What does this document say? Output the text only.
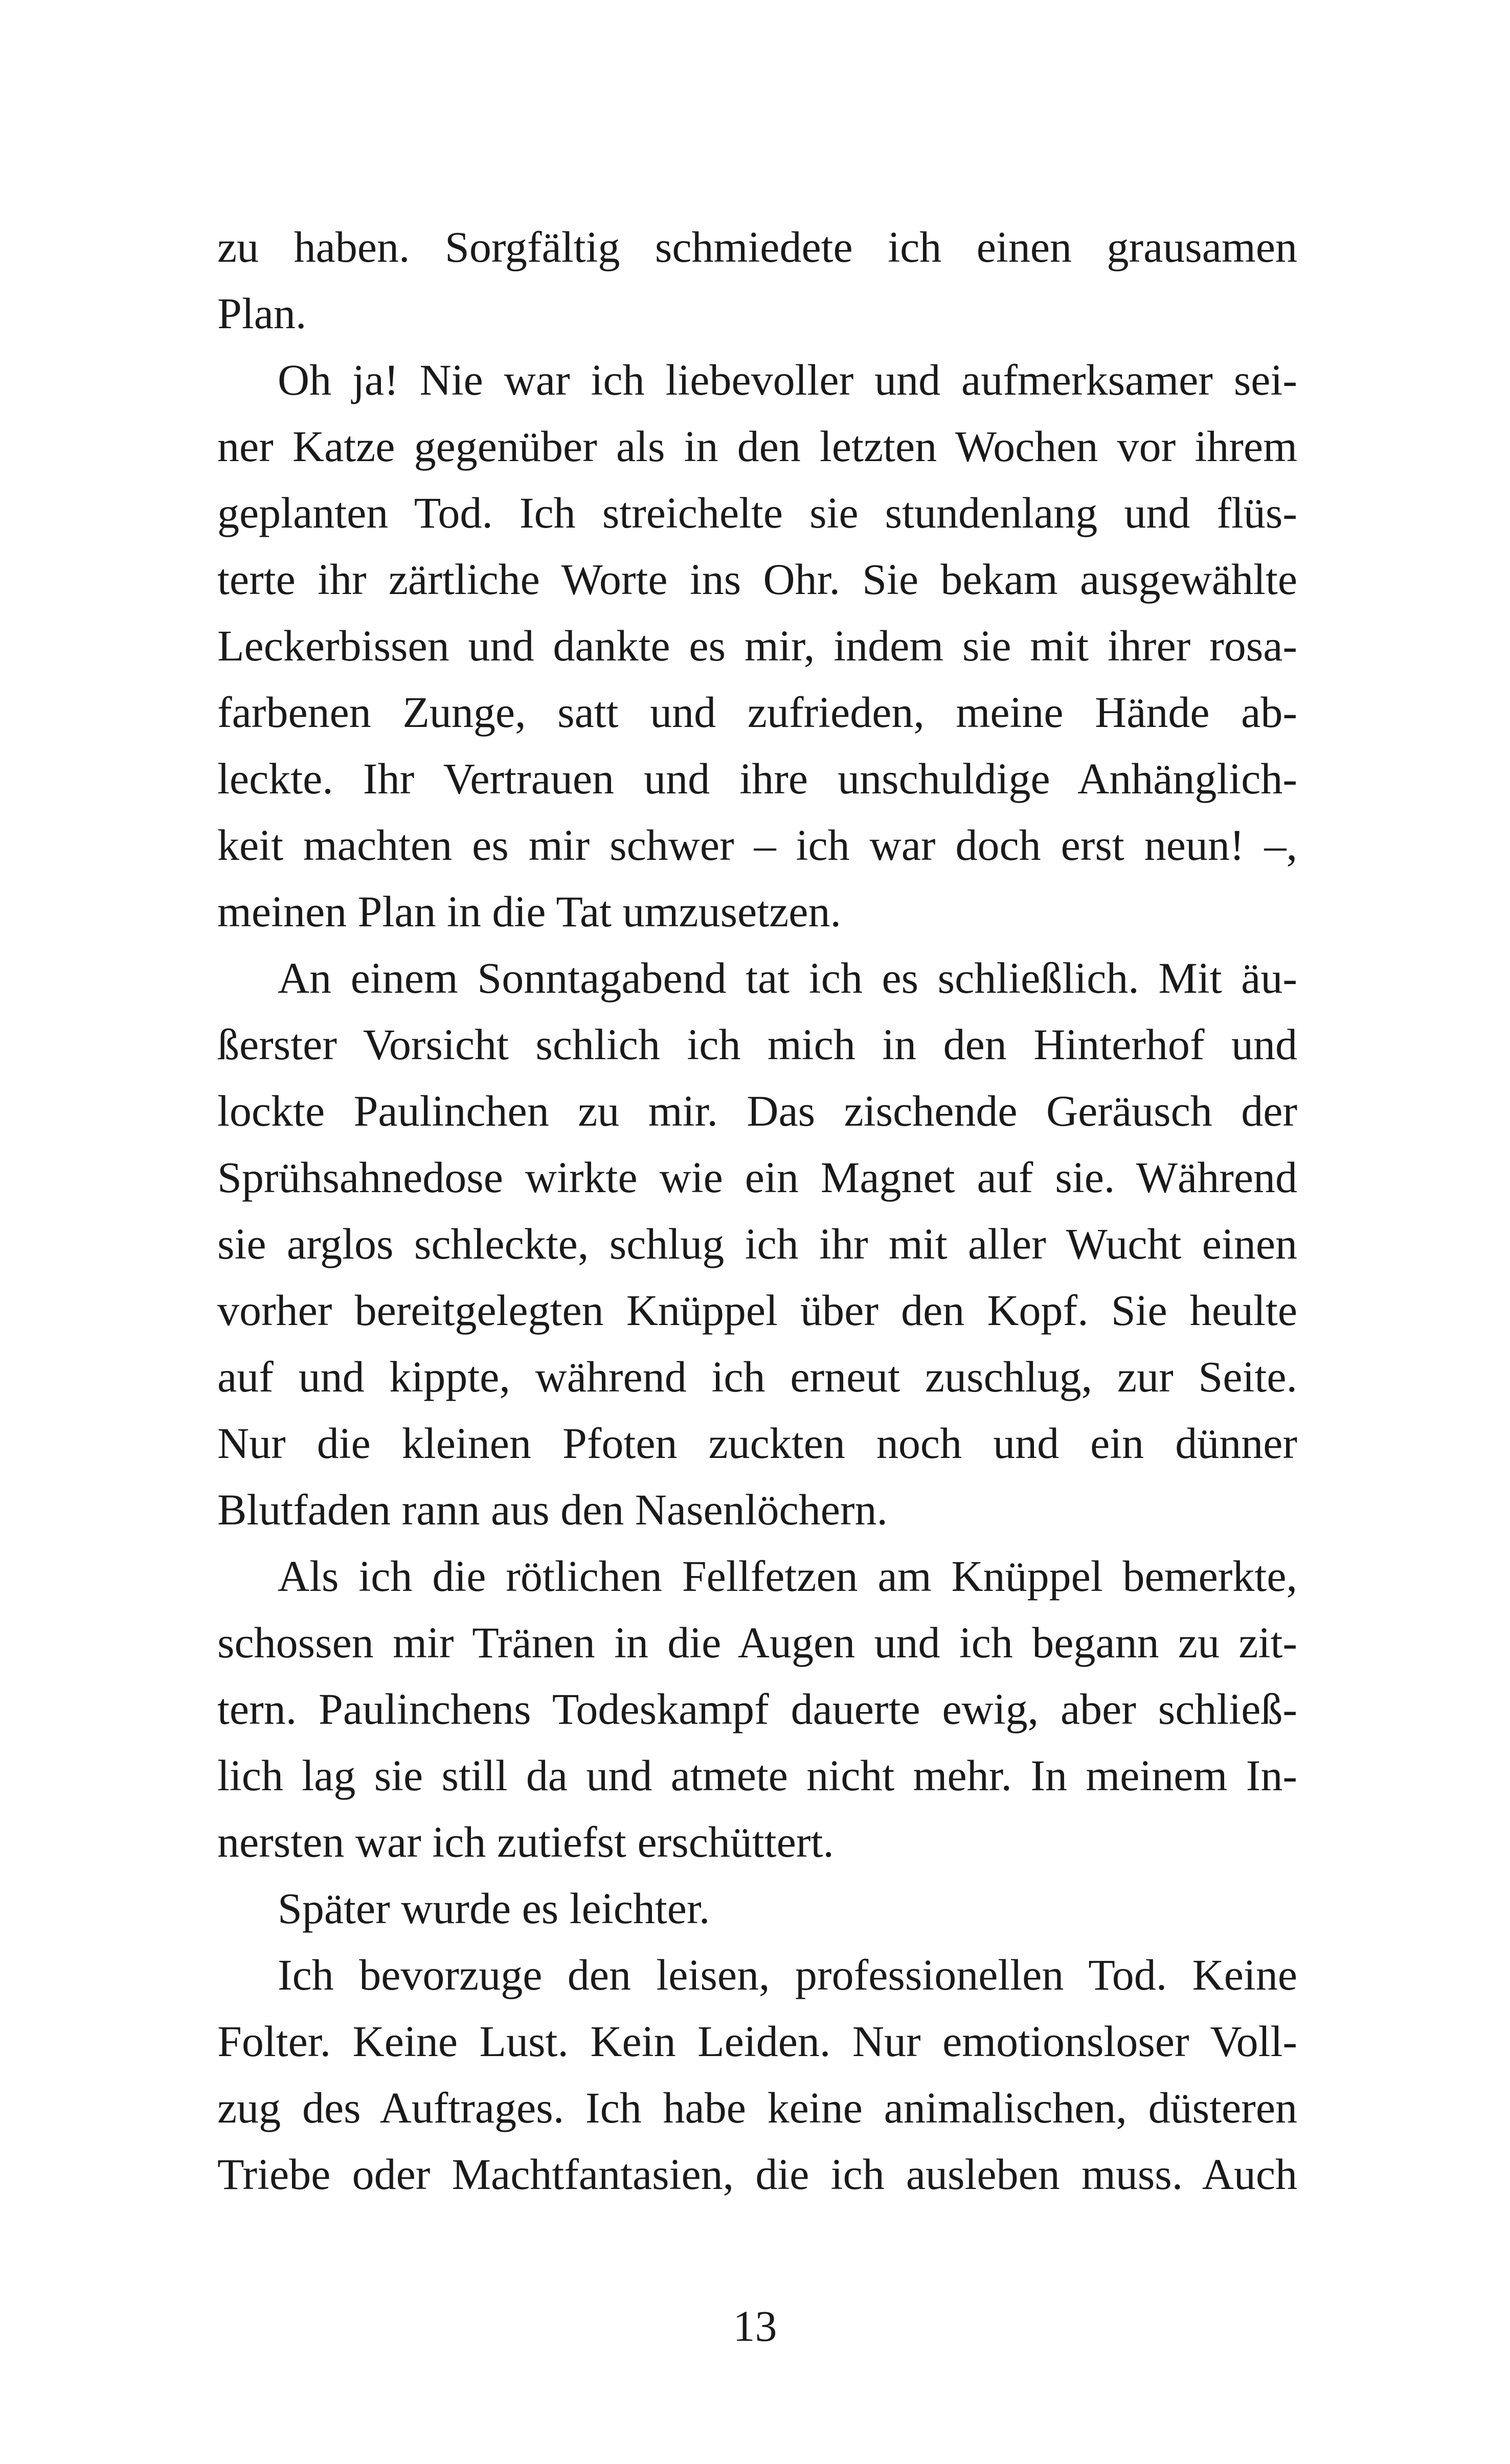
zu haben. Sorgfältig schmiedete ich einen grausamen
Plan.
Oh ja! Nie war ich liebevoller und aufmerksamer sei-
ner Katze gegenüber als in den letzten Wochen vor ihrem
geplanten Tod. Ich streichelte sie stundenlang und flüs-
terte ihr zärtliche Worte ins Ohr. Sie bekam ausgewählte
Leckerbissen und dankte es mir, indem sie mit ihrer rosa-
farbenen Zunge, satt und zufrieden, meine Hände ab-
leckte. Ihr Vertrauen und ihre unschuldige Anhänglich-
keit machten es mir schwer – ich war doch erst neun! –,
meinen Plan in die Tat umzusetzen.
An einem Sonntagabend tat ich es schließlich. Mit äu-
ßerster Vorsicht schlich ich mich in den Hinterhof und
lockte Paulinchen zu mir. Das zischende Geräusch der
Sprühsahnedose wirkte wie ein Magnet auf sie. Während
sie arglos schleckte, schlug ich ihr mit aller Wucht einen
vorher bereitgelegten Knüppel über den Kopf. Sie heulte
auf und kippte, während ich erneut zuschlug, zur Seite.
Nur die kleinen Pfoten zuckten noch und ein dünner
Blutfaden rann aus den Nasenlöchern.
Als ich die rötlichen Fellfetzen am Knüppel bemerkte,
schossen mir Tränen in die Augen und ich begann zu zit-
tern. Paulinchens Todeskampf dauerte ewig, aber schließ-
lich lag sie still da und atmete nicht mehr. In meinem In-
nersten war ich zutiefst erschüttert.
Später wurde es leichter.
Ich bevorzuge den leisen, professionellen Tod. Keine
Folter. Keine Lust. Kein Leiden. Nur emotionsloser Voll-
zug des Auftrages. Ich habe keine animalischen, düsteren
Triebe oder Machtfantasien, die ich ausleben muss. Auch
13
